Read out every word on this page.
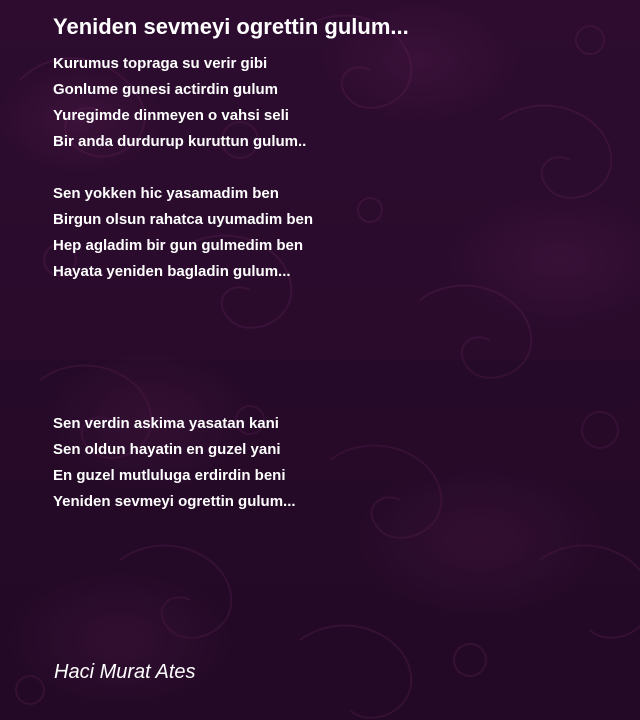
Yeniden sevmeyi ogrettin gulum...
Kurumus topraga su verir gibi
Gonlume gunesi actirdin gulum
Yuregimde dinmeyen o vahsi seli
Bir anda durdurup kuruttun gulum..
Sen yokken hic yasamadim ben
Birgun olsun rahatca uyumadim ben
Hep agladim bir gun gulmedim ben
Hayata yeniden bagladin gulum...
Sen verdin askima yasatan kani
Sen oldun hayatin en guzel yani
En guzel mutluluga erdirdin beni
Yeniden sevmeyi ogrettin gulum...
Haci Murat Ates
